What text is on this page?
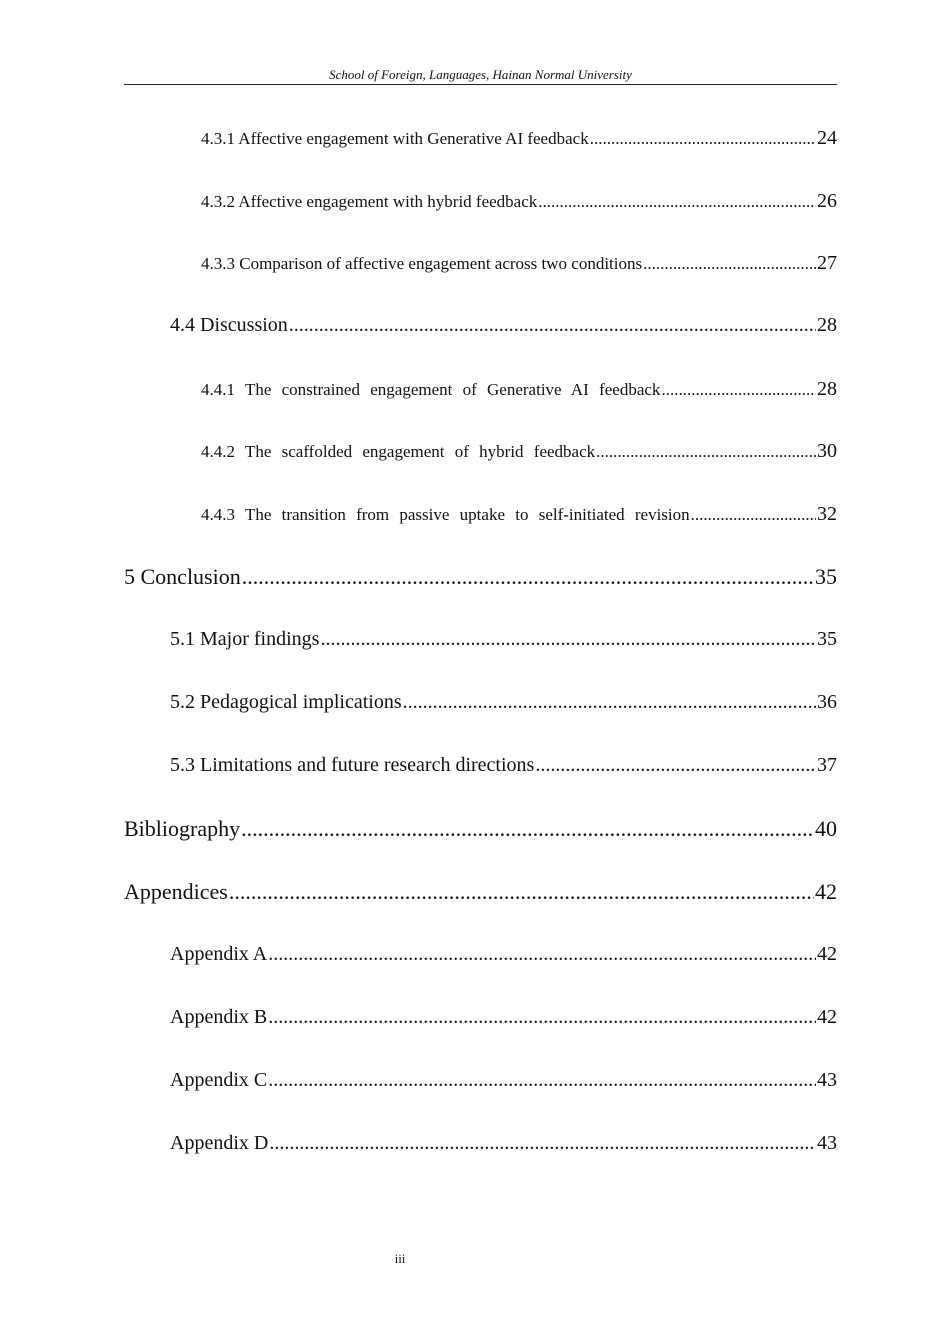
School of Foreign, Languages, Hainan Normal University
4.3.1 Affective engagement with Generative AI feedback .....	24
4.3.2 Affective engagement with hybrid feedback .....	26
4.3.3 Comparison of affective engagement across two conditions .....	27
4.4 Discussion .....	28
4.4.1 The constrained engagement of Generative AI feedback .....	28
4.4.2 The scaffolded engagement of hybrid feedback .....	30
4.4.3 The transition from passive uptake to self-initiated revision .....	32
5 Conclusion .....	35
5.1 Major findings .....	35
5.2 Pedagogical implications .....	36
5.3 Limitations and future research directions .....	37
Bibliography .....	40
Appendices .....	42
Appendix A .....	42
Appendix B .....	42
Appendix C .....	43
Appendix D .....	43
iii
